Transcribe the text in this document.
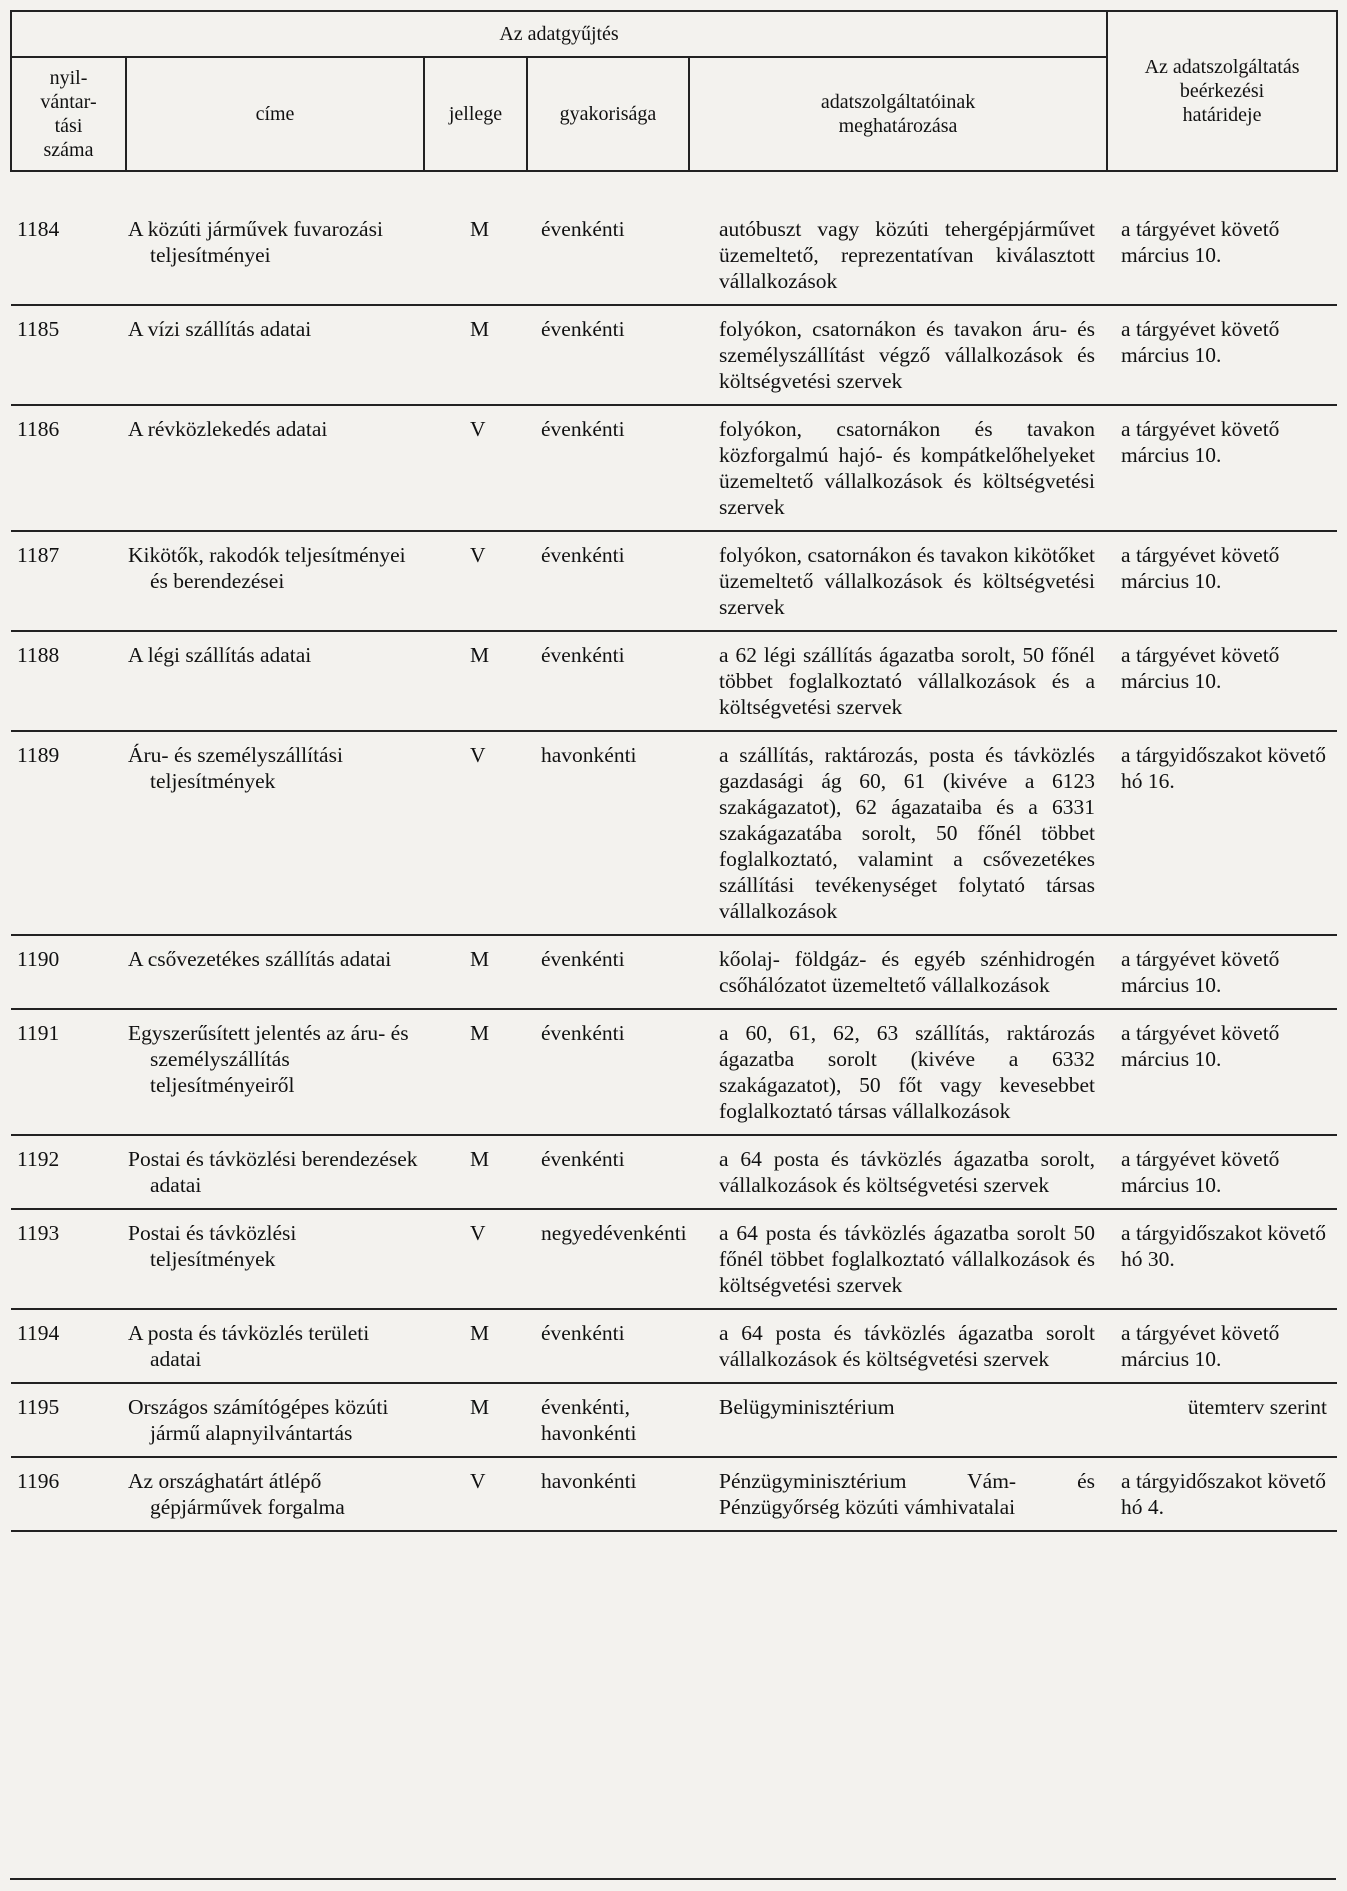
Az adatgyűjtés					Az adatszolgáltatás
beérkezési
határideje

nyil-
vántar-
tási
száma	címe	jellege	gyakorisága	adatszolgáltatóinak
meghatározása	

1184	A közúti járművek fuvarozási teljesítményei	M	évenkénti	autóbuszt vagy közúti tehergépjárművet üzemeltető, reprezentatívan kiválasztott vállalkozások	a tárgyévet követő március 10.
1185	A vízi szállítás adatai	M	évenkénti	folyókon, csatornákon és tavakon áru- és személyszállítást végző vállalkozások és költségvetési szervek	a tárgyévet követő március 10.
1186	A révközlekedés adatai	V	évenkénti	folyókon, csatornákon és tavakon közforgalmú hajó- és kompátkelőhelyeket üzemeltető vállalkozások és költségvetési szervek	a tárgyévet követő március 10.
1187	Kikötők, rakodók teljesítményei és berendezései	V	évenkénti	folyókon, csatornákon és tavakon kikötőket üzemeltető vállalkozások és költségvetési szervek	a tárgyévet követő március 10.
1188	A légi szállítás adatai	M	évenkénti	a 62 légi szállítás ágazatba sorolt, 50 főnél többet foglalkoztató vállalkozások és a költségvetési szervek	a tárgyévet követő március 10.
1189	Áru- és személyszállítási teljesítmények	V	havonkénti	a szállítás, raktározás, posta és távközlés gazdasági ág 60, 61 (kivéve a 6123 szakágazatot), 62 ágazataiba és a 6331 szakágazatába sorolt, 50 főnél többet foglalkoztató, valamint a csővezetékes szállítási tevékenységet folytató társas vállalkozások	a tárgyidőszakot követő hó 16.
1190	A csővezetékes szállítás adatai	M	évenkénti	kőolaj- földgáz- és egyéb szénhidrogén csőhálózatot üzemeltető vállalkozások	a tárgyévet követő március 10.
1191	Egyszerűsített jelentés az áru- és személyszállítás teljesítményeiről	M	évenkénti	a 60, 61, 62, 63 szállítás, raktározás ágazatba sorolt (kivéve a 6332 szakágazatot), 50 főt vagy kevesebbet foglalkoztató társas vállalkozások	a tárgyévet követő március 10.
1192	Postai és távközlési berendezések adatai	M	évenkénti	a 64 posta és távközlés ágazatba sorolt, vállalkozások és költségvetési szervek	a tárgyévet követő március 10.
1193	Postai és távközlési teljesítmények	V	negyedévenkénti	a 64 posta és távközlés ágazatba sorolt 50 főnél többet foglalkoztató vállalkozások és költségvetési szervek	a tárgyidőszakot követő hó 30.
1194	A posta és távközlés területi adatai	M	évenkénti	a 64 posta és távközlés ágazatba sorolt vállalkozások és költségvetési szervek	a tárgyévet követő március 10.
1195	Országos számítógépes közúti jármű alapnyilvántartás	M	évenkénti, havonkénti	Belügyminisztérium	ütemterv szerint
1196	Az országhatárt átlépő gépjárművek forgalma	V	havonkénti	Pénzügyminisztérium Vám- és Pénzügyőrség közúti vámhivatalai	a tárgyidőszakot követő hó 4.
